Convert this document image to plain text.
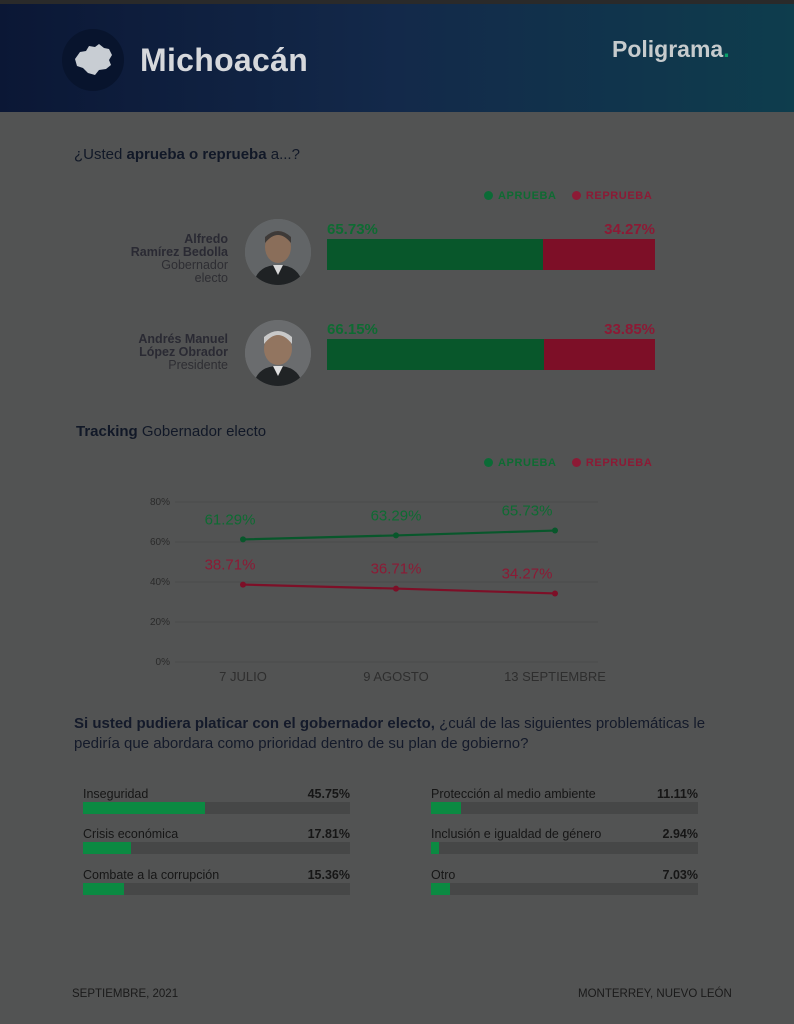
Michoacán	Poligrama.
¿Usted aprueba o reprueba a...?
APRUEBA	REPRUEBA
Alfredo
Ramírez Bedolla
Gobernador
electo
Andrés Manuel
López Obrador
Presidente

65.73%	34.27%
66.15%	33.85%
Tracking Gobernador electo
APRUEBA	REPRUEBA
0%
20%
40%
60%
80%
7 JULIO	9 AGOSTO	13 SEPTIEMBRE
61.29%	63.29%	65.73%
38.71%	36.71%	34.27%
Si usted pudiera platicar con el gobernador electo, ¿cuál de las siguientes problemáticas le pediría que abordara como prioridad dentro de su plan de gobierno?
Inseguridad	45.75%
Crisis económica	17.81%
Combate a la corrupción	15.36%
Protección al medio ambiente	11.11%
Inclusión e igualdad de género	2.94%
Otro	7.03%
SEPTIEMBRE, 2021	MONTERREY, NUEVO LEÓN
